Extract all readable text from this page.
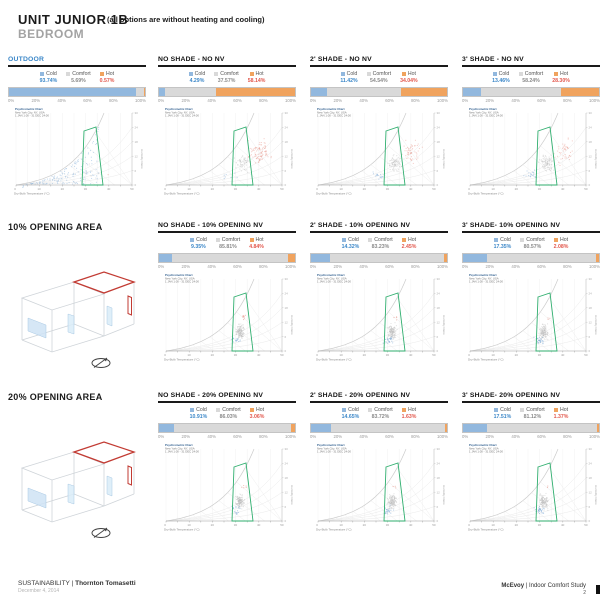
UNIT JUNIOR 1B
BEDROOM
(all options are without heating and cooling)
OUTDOOR
Cold
93.74%
Comfort
5.69%
Hot
0.57%
0%	20%	40%	60%	80%	100%
0
6
12
18
24
30
0	10	20	30	40	50
Psychrometric Chart
New York City, NY, USA
1 JAN 1:00 - 31 DEC 24:00
Dry-Bulb Temperature (°C)
Humidity Ratio
NO SHADE - NO NV
Cold
4.29%
Comfort
37.57%
Hot
58.14%
0%	20%	40%	60%	80%	100%
0
6
12
18
24
30
0	10	20	30	40	50
Psychrometric Chart
New York City, NY, USA
1 JAN 1:00 - 31 DEC 24:00
Dry-Bulb Temperature (°C)
Humidity Ratio
2' SHADE - NO NV
Cold
11.42%
Comfort
54.54%
Hot
34.04%
0%	20%	40%	60%	80%	100%
0
6
12
18
24
30
0	10	20	30	40	50
Psychrometric Chart
New York City, NY, USA
1 JAN 1:00 - 31 DEC 24:00
Dry-Bulb Temperature (°C)
Humidity Ratio
3' SHADE - NO NV
Cold
13.46%
Comfort
58.24%
Hot
28.30%
0%	20%	40%	60%	80%	100%
0
6
12
18
24
30
0	10	20	30	40	50
Psychrometric Chart
New York City, NY, USA
1 JAN 1:00 - 31 DEC 24:00
Dry-Bulb Temperature (°C)
Humidity Ratio
10% OPENING AREA	NO SHADE - 10% OPENING NV
Cold
9.35%
Comfort
85.81%
Hot
4.84%
0%	20%	40%	60%	80%	100%
0
6
12
18
24
30
0	10	20	30	40	50
Psychrometric Chart
New York City, NY, USA
1 JAN 1:00 - 31 DEC 24:00
Dry-Bulb Temperature (°C)
Humidity Ratio
2' SHADE - 10% OPENING NV
Cold
14.32%
Comfort
83.23%
Hot
2.45%
0%	20%	40%	60%	80%	100%
0
6
12
18
24
30
0	10	20	30	40	50
Psychrometric Chart
New York City, NY, USA
1 JAN 1:00 - 31 DEC 24:00
Dry-Bulb Temperature (°C)
Humidity Ratio
3' SHADE- 10% OPENING NV
Cold
17.35%
Comfort
80.57%
Hot
2.08%
0%	20%	40%	60%	80%	100%
0
6
12
18
24
30
0	10	20	30	40	50
Psychrometric Chart
New York City, NY, USA
1 JAN 1:00 - 31 DEC 24:00
Dry-Bulb Temperature (°C)
Humidity Ratio
20% OPENING AREA	NO SHADE - 20% OPENING NV
Cold
10.91%
Comfort
86.03%
Hot
3.06%
0%	20%	40%	60%	80%	100%
0
6
12
18
24
30
0	10	20	30	40	50
Psychrometric Chart
New York City, NY, USA
1 JAN 1:00 - 31 DEC 24:00
Dry-Bulb Temperature (°C)
Humidity Ratio
2' SHADE - 20% OPENING NV
Cold
14.65%
Comfort
83.72%
Hot
1.63%
0%	20%	40%	60%	80%	100%
0
6
12
18
24
30
0	10	20	30	40	50
Psychrometric Chart
New York City, NY, USA
1 JAN 1:00 - 31 DEC 24:00
Dry-Bulb Temperature (°C)
Humidity Ratio
3' SHADE- 20% OPENING NV
Cold
17.51%
Comfort
81.12%
Hot
1.37%
0%	20%	40%	60%	80%	100%
0
6
12
18
24
30
0	10	20	30	40	50
Psychrometric Chart
New York City, NY, USA
1 JAN 1:00 - 31 DEC 24:00
Dry-Bulb Temperature (°C)
Humidity Ratio
SUSTAINABILITY | Thornton Tomasetti
December 4, 2014
McEvoy | Indoor Comfort Study
2
